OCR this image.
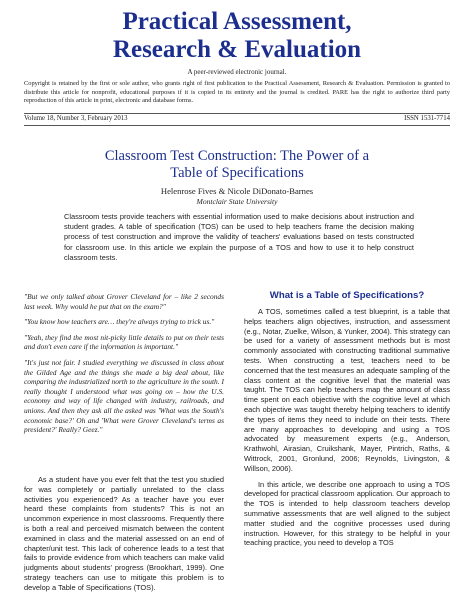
Practical Assessment,
Research & Evaluation
A peer-reviewed electronic journal.
Copyright is retained by the first or sole author, who grants right of first publication to the Practical Assessment, Research & Evaluation. Permission is granted to distribute this article for nonprofit, educational purposes if it is copied in its entirety and the journal is credited. PARE has the right to authorize third party reproduction of this article in print, electronic and database forms.
Volume 18, Number 3, February 2013	ISSN 1531-7714
Classroom Test Construction: The Power of a
Table of Specifications
Helenrose Fives & Nicole DiDonato-Barnes
Montclair State University
Classroom tests provide teachers with essential information used to make decisions about instruction and student grades. A table of specification (TOS) can be used to help teachers frame the decision making process of test construction and improve the validity of teachers' evaluations based on tests constructed for classroom use. In this article we explain the purpose of a TOS and how to use it to help construct classroom tests.

"But we only talked about Grover Cleveland for – like 2 seconds last week. Why would he put that on the exam?"

"You know how teachers are… they're always trying to trick us."

"Yeah, they find the most nit-picky little details to put on their tests and don't even care if the information is important."

"It's just not fair. I studied everything we discussed in class about the Gilded Age and the things she made a big deal about, like comparing the industrialized north to the agriculture in the south. I really thought I understood what was going on – how the U.S. economy and way of life changed with industry, railroads, and unions. And then they ask all the asked was 'What was the South's economic base?' Oh and 'What were Grover Cleveland's terms as president?' Really? Geez."

As a student have you ever felt that the test you studied for was completely or partially unrelated to the class activities you experienced? As a teacher have you ever heard these complaints from students? This is not an uncommon experience in most classrooms. Frequently there is both a real and perceived mismatch between the content examined in class and the material assessed on an end of chapter/unit test. This lack of coherence leads to a test that fails to provide evidence from which teachers can make valid judgments about students' progress (Brookhart, 1999). One strategy teachers can use to mitigate this problem is to develop a Table of Specifications (TOS).

What is a Table of Specifications?

A TOS, sometimes called a test blueprint, is a table that helps teachers align objectives, instruction, and assessment (e.g., Notar, Zuelke, Wilson, & Yunker, 2004). This strategy can be used for a variety of assessment methods but is most commonly associated with constructing traditional summative tests. When constructing a test, teachers need to be concerned that the test measures an adequate sampling of the class content at the cognitive level that the material was taught. The TOS can help teachers map the amount of class time spent on each objective with the cognitive level at which each objective was taught thereby helping teachers to identify the types of items they need to include on their tests. There are many approaches to developing and using a TOS advocated by measurement experts (e.g., Anderson, Krathwohl, Airasian, Cruikshank, Mayer, Pintrich, Raths, & Wittrock, 2001, Gronlund, 2006; Reynolds, Livingston, & Willson, 2006).

In this article, we describe one approach to using a TOS developed for practical classroom application. Our approach to the TOS is intended to help classroom teachers develop summative assessments that are well aligned to the subject matter studied and the cognitive processes used during instruction. However, for this strategy to be helpful in your teaching practice, you need to develop a TOS
